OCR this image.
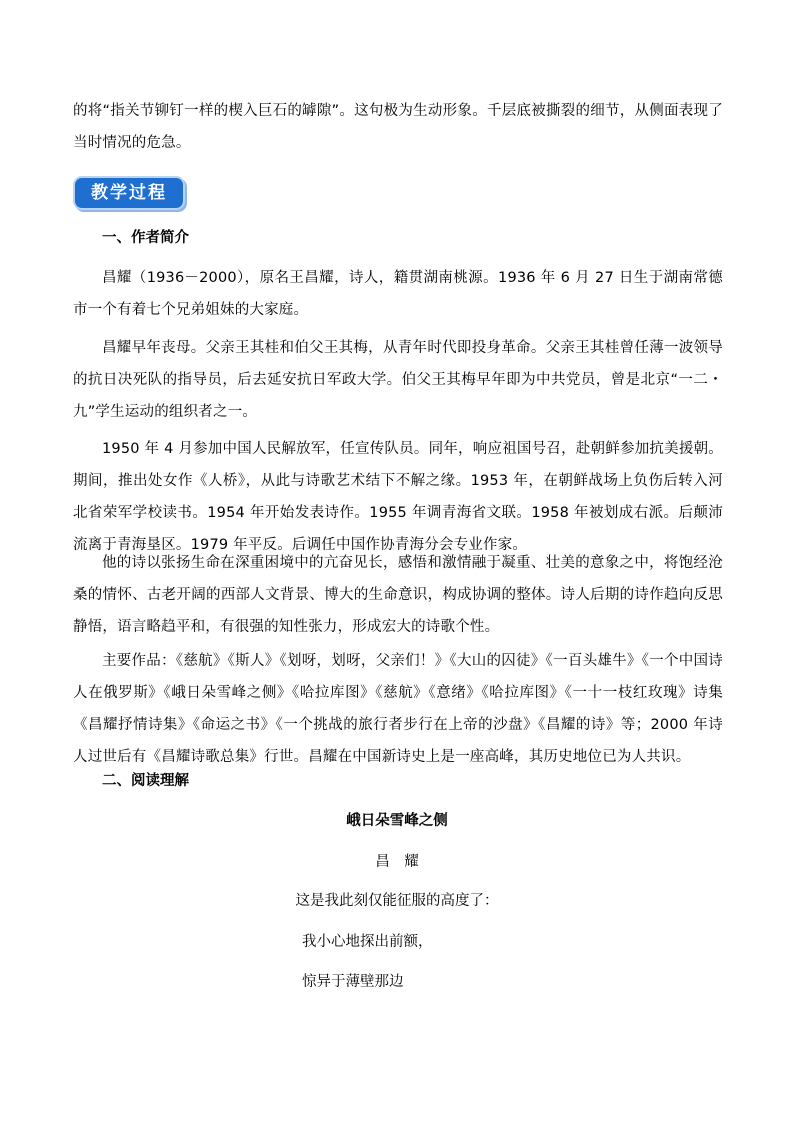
的将“指关节铆钉一样的楔入巨石的罅隙”。这句极为生动形象。千层底被撕裂的细节，从侧面表现了当时情况的危急。

教学过程

一、作者简介

昌耀（1936－2000），原名王昌耀，诗人，籍贯湖南桃源。1936 年 6 月 27 日生于湖南常德市一个有着七个兄弟姐妹的大家庭。

昌耀早年丧母。父亲王其桂和伯父王其梅，从青年时代即投身革命。父亲王其桂曾任薄一波领导的抗日决死队的指导员，后去延安抗日军政大学。伯父王其梅早年即为中共党员，曾是北京“一二・九”学生运动的组织者之一。

1950 年 4 月参加中国人民解放军，任宣传队员。同年，响应祖国号召，赴朝鲜参加抗美援朝。期间，推出处女作《人桥》，从此与诗歌艺术结下不解之缘。1953 年，在朝鲜战场上负伤后转入河北省荣军学校读书。1954 年开始发表诗作。1955 年调青海省文联。1958 年被划成右派。后颠沛流离于青海垦区。1979 年平反。后调任中国作协青海分会专业作家。

他的诗以张扬生命在深重困境中的亢奋见长，感悟和激情融于凝重、壮美的意象之中，将饱经沧桑的情怀、古老开阔的西部人文背景、博大的生命意识，构成协调的整体。诗人后期的诗作趋向反思静悟，语言略趋平和，有很强的知性张力，形成宏大的诗歌个性。

主要作品：《慈航》《斯人》《划呀，划呀，父亲们！》《大山的囚徒》《一百头雄牛》《一个中国诗人在俄罗斯》《峨日朵雪峰之侧》《哈拉库图》《慈航》《意绪》《哈拉库图》《一十一枝红玫瑰》诗集《昌耀抒情诗集》《命运之书》《一个挑战的旅行者步行在上帝的沙盘》《昌耀的诗》等；2000 年诗人过世后有《昌耀诗歌总集》行世。昌耀在中国新诗史上是一座高峰，其历史地位已为人共识。

二、阅读理解

峨日朵雪峰之侧

昌　耀

这是我此刻仅能征服的高度了：

我小心地探出前额，

惊异于薄壁那边
